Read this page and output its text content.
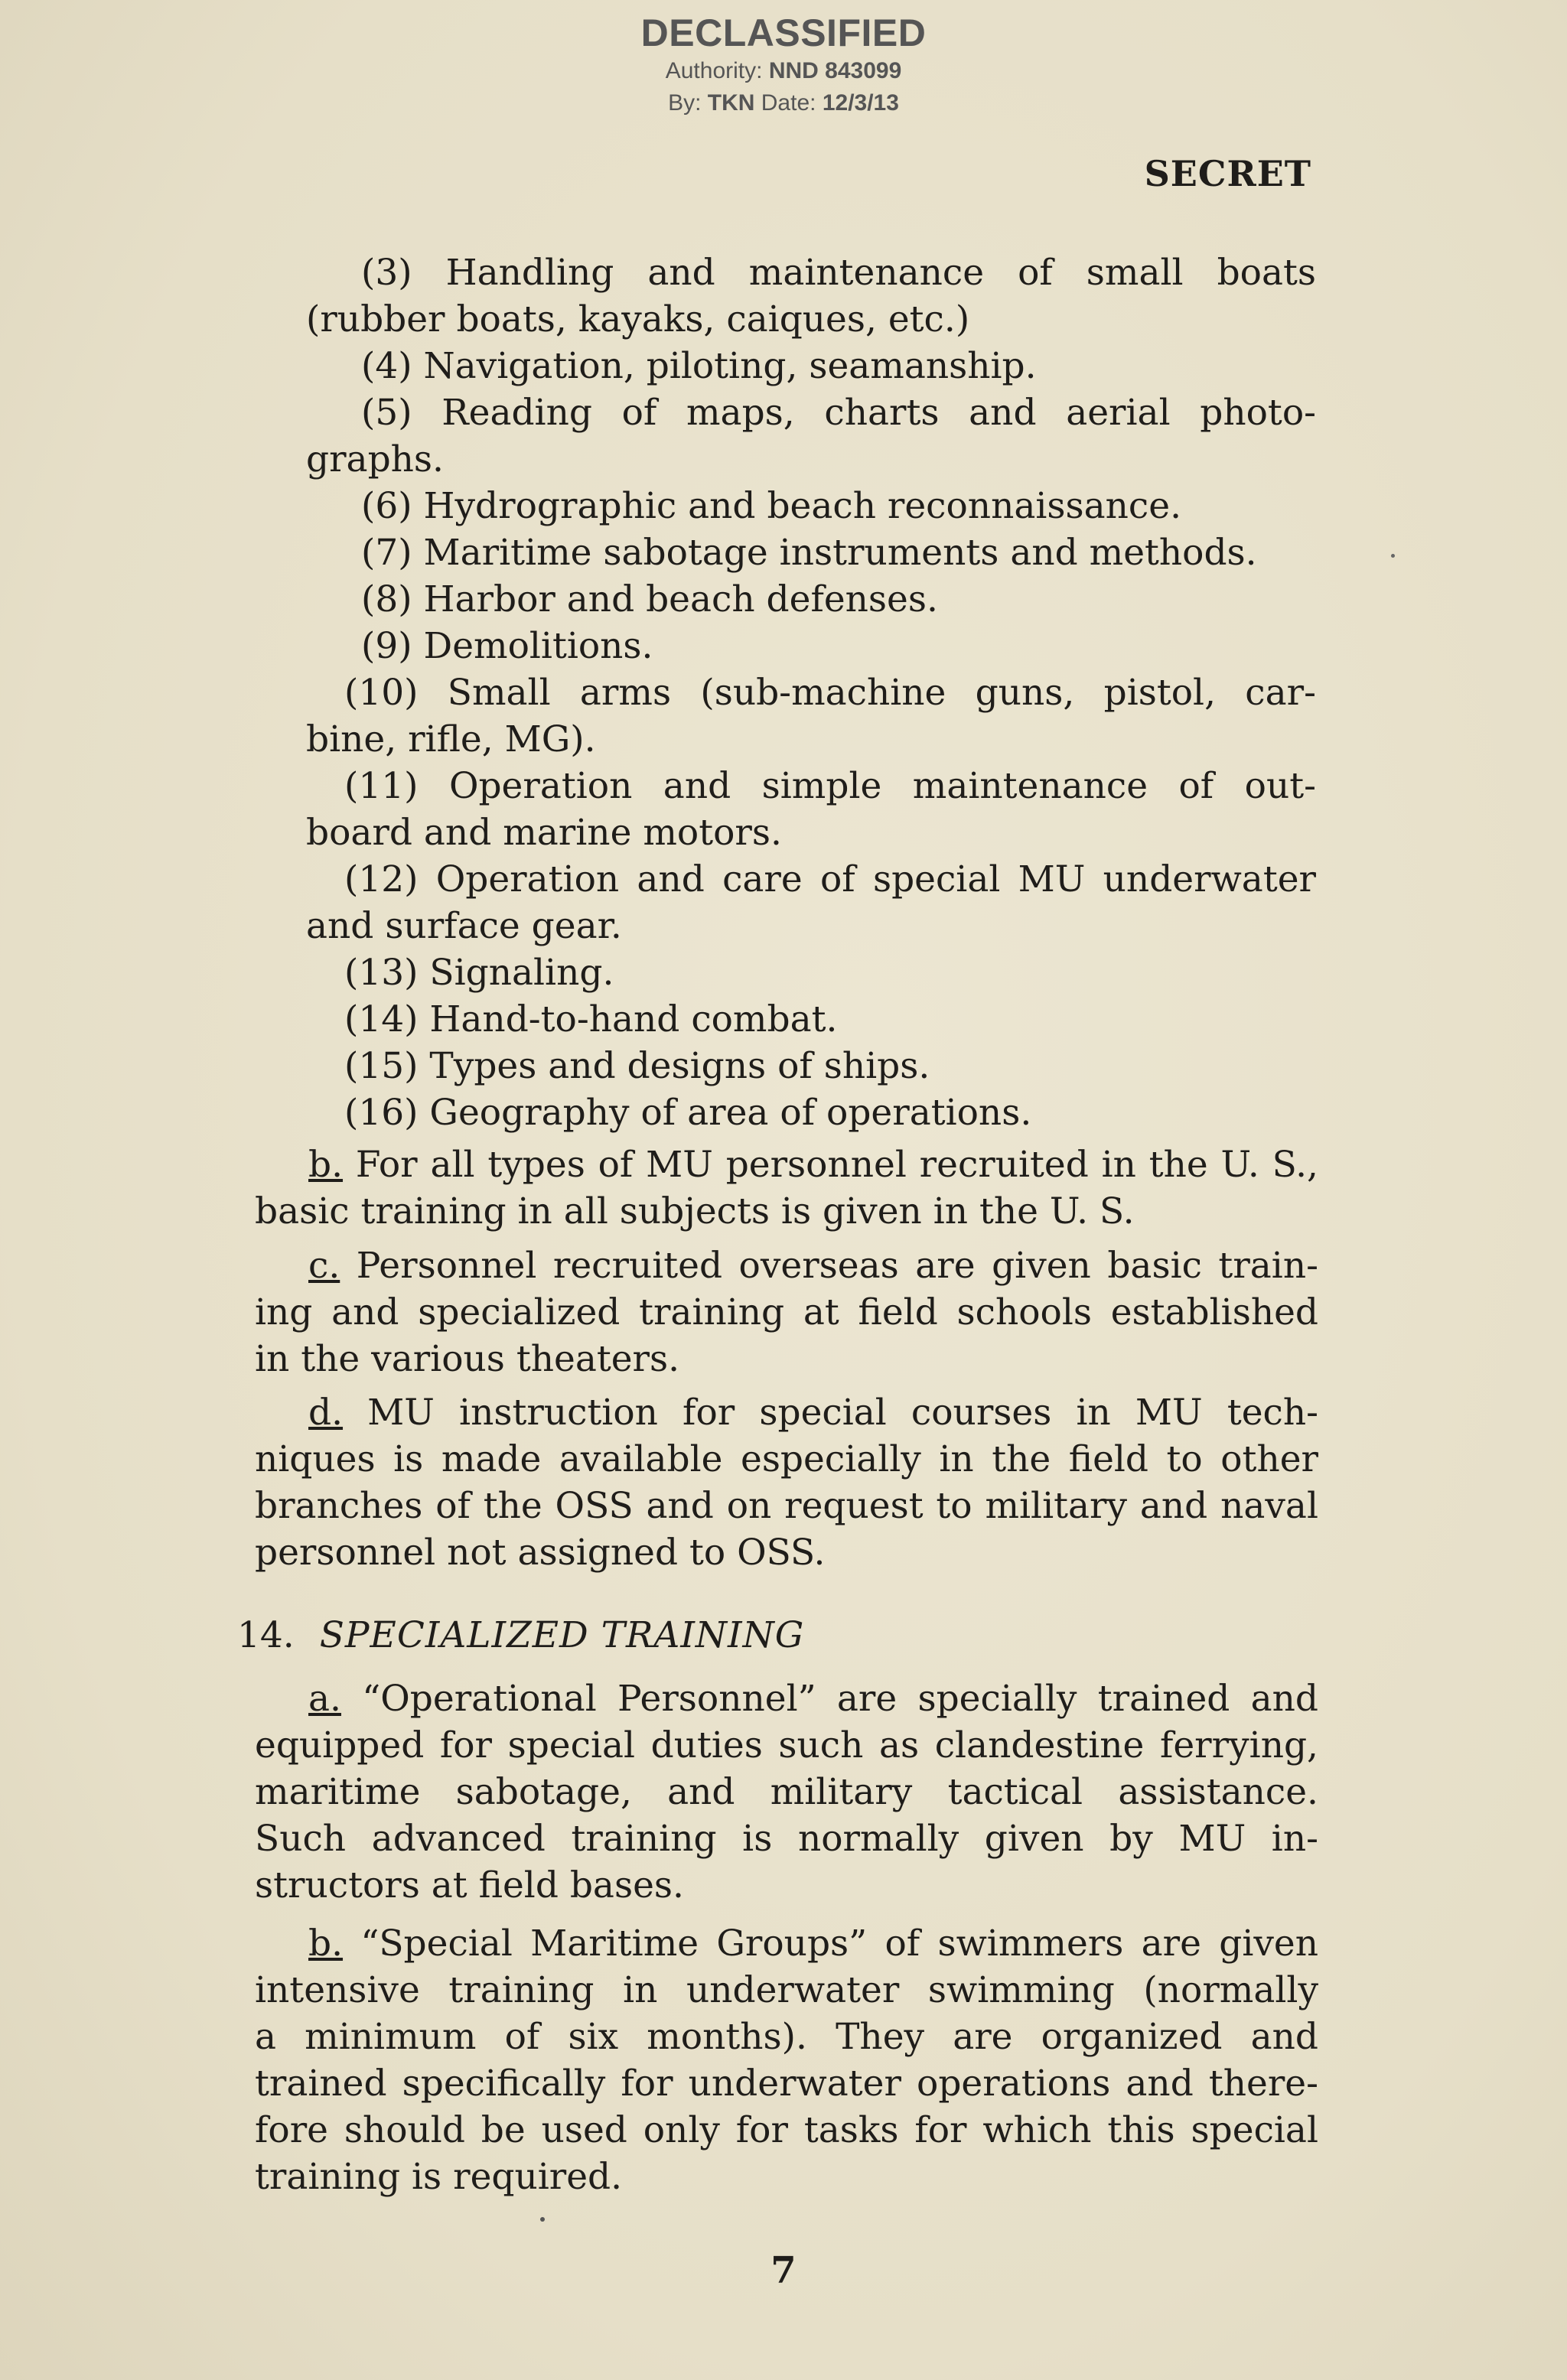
DECLASSIFIED
Authority: NND 843099
By: TKN Date: 12/3/13
SECRET
(3) Handling and maintenance of small boats
(rubber boats, kayaks, caiques, etc.)
(4) Navigation, piloting, seamanship.
(5) Reading of maps, charts and aerial photo-
graphs.
(6) Hydrographic and beach reconnaissance.
(7) Maritime sabotage instruments and methods.
(8) Harbor and beach defenses.
(9) Demolitions.
(10) Small arms (sub-machine guns, pistol, car-
bine, rifle, MG).
(11) Operation and simple maintenance of out-
board and marine motors.
(12) Operation and care of special MU underwater
and surface gear.
(13) Signaling.
(14) Hand-to-hand combat.
(15) Types and designs of ships.
(16) Geography of area of operations.
b. For all types of MU personnel recruited in the U. S.,
basic training in all subjects is given in the U. S.
c. Personnel recruited overseas are given basic train-
ing and specialized training at field schools established
in the various theaters.
d. MU instruction for special courses in MU tech-
niques is made available especially in the field to other
branches of the OSS and on request to military and naval
personnel not assigned to OSS.
14. SPECIALIZED TRAINING
a. “Operational Personnel” are specially trained and
equipped for special duties such as clandestine ferrying,
maritime sabotage, and military tactical assistance.
Such advanced training is normally given by MU in-
structors at field bases.
b. “Special Maritime Groups” of swimmers are given
intensive training in underwater swimming (normally
a minimum of six months). They are organized and
trained specifically for underwater operations and there-
fore should be used only for tasks for which this special
training is required.
7
